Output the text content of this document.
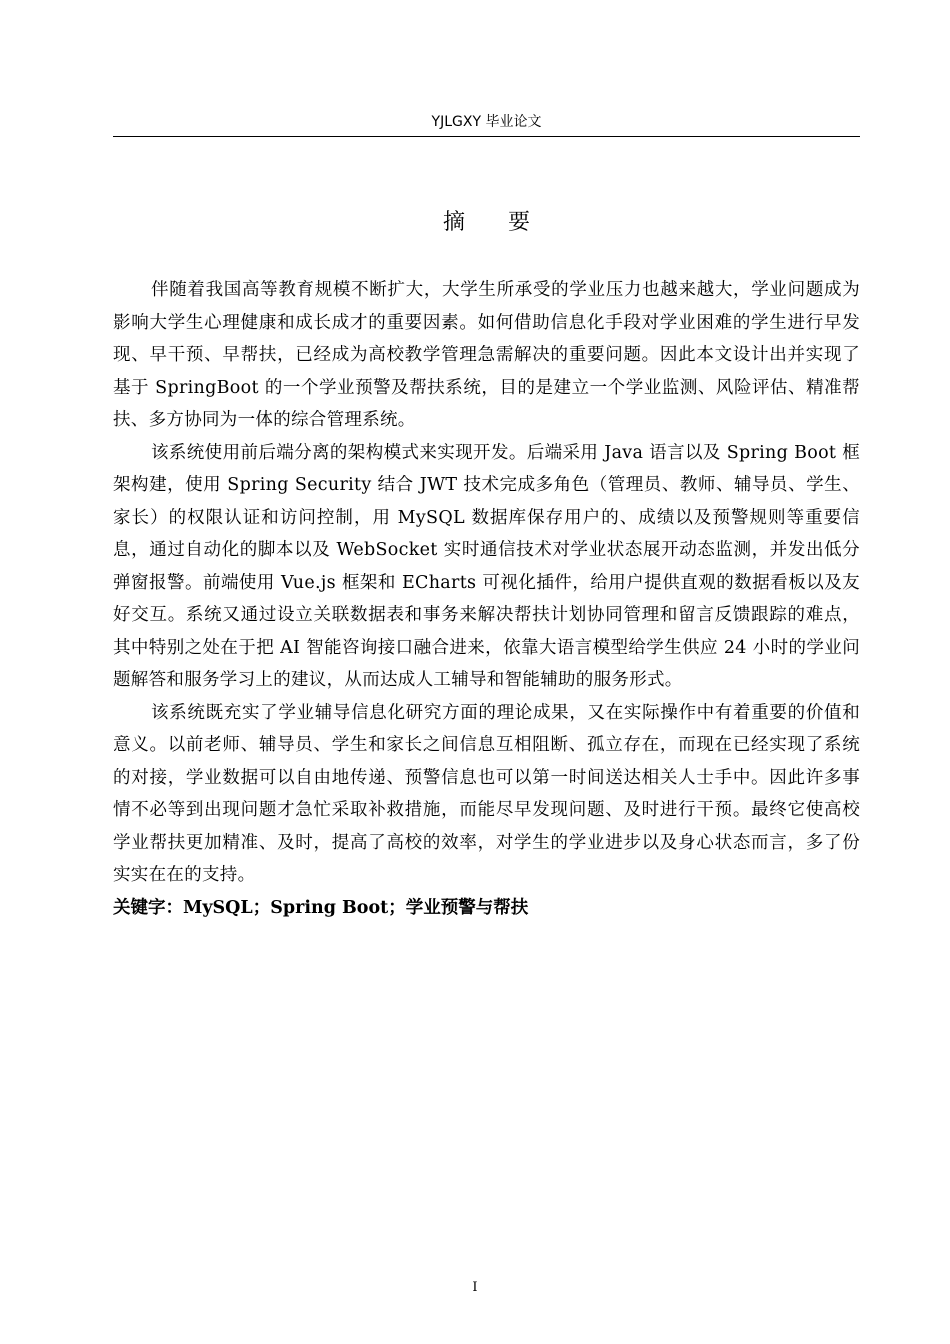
YJLGXY 毕业论文
摘 要

伴随着我国高等教育规模不断扩大，大学生所承受的学业压力也越来越大，学业问题成为影响大学生心理健康和成长成才的重要因素。如何借助信息化手段对学业困难的学生进行早发现、早干预、早帮扶，已经成为高校教学管理急需解决的重要问题。因此本文设计出并实现了基于 SpringBoot 的一个学业预警及帮扶系统，目的是建立一个学业监测、风险评估、精准帮扶、多方协同为一体的综合管理系统。

该系统使用前后端分离的架构模式来实现开发。后端采用 Java 语言以及 Spring Boot 框架构建，使用 Spring Security 结合 JWT 技术完成多角色（管理员、教师、辅导员、学生、家长）的权限认证和访问控制，用 MySQL 数据库保存用户的、成绩以及预警规则等重要信息，通过自动化的脚本以及 WebSocket 实时通信技术对学业状态展开动态监测，并发出低分弹窗报警。前端使用 Vue.js 框架和 ECharts 可视化插件，给用户提供直观的数据看板以及友好交互。系统又通过设立关联数据表和事务来解决帮扶计划协同管理和留言反馈跟踪的难点，其中特别之处在于把 AI 智能咨询接口融合进来，依靠大语言模型给学生供应 24 小时的学业问题解答和服务学习上的建议，从而达成人工辅导和智能辅助的服务形式。

该系统既充实了学业辅导信息化研究方面的理论成果，又在实际操作中有着重要的价值和意义。以前老师、辅导员、学生和家长之间信息互相阻断、孤立存在，而现在已经实现了系统的对接，学业数据可以自由地传递、预警信息也可以第一时间送达相关人士手中。因此许多事情不必等到出现问题才急忙采取补救措施，而能尽早发现问题、及时进行干预。最终它使高校学业帮扶更加精准、及时，提高了高校的效率，对学生的学业进步以及身心状态而言，多了份实实在在的支持。

关键字：MySQL；Spring Boot；学业预警与帮扶

I
